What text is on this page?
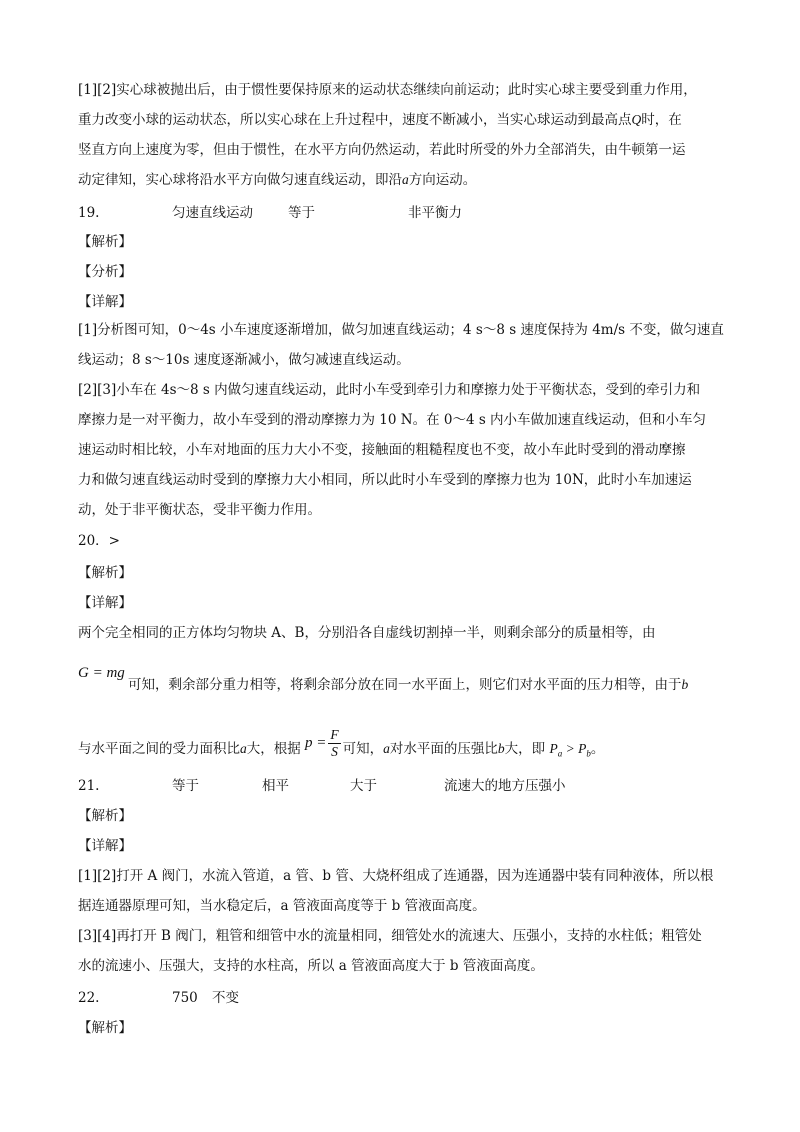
[1][2]实心球被抛出后，由于惯性要保持原来的运动状态继续向前运动；此时实心球主要受到重力作用，
重力改变小球的运动状态，所以实心球在上升过程中，速度不断减小，当实心球运动到最高点Q时，在
竖直方向上速度为零，但由于惯性，在水平方向仍然运动，若此时所受的外力全部消失，由牛顿第一运
动定律知，实心球将沿水平方向做匀速直线运动，即沿a方向运动。
19.	匀速直线运动	等于	非平衡力
【解析】
【分析】
【详解】
[1]分析图可知，0～4s 小车速度逐渐增加，做匀加速直线运动；4 s～8 s 速度保持为 4m/s 不变，做匀速直
线运动；8 s～10s 速度逐渐减小，做匀减速直线运动。
[2][3]小车在 4s～8 s 内做匀速直线运动，此时小车受到牵引力和摩擦力处于平衡状态，受到的牵引力和
摩擦力是一对平衡力，故小车受到的滑动摩擦力为 10 N。在 0～4 s 内小车做加速直线运动，但和小车匀
速运动时相比较，小车对地面的压力大小不变，接触面的粗糙程度也不变，故小车此时受到的滑动摩擦
力和做匀速直线运动时受到的摩擦力大小相同，所以此时小车受到的摩擦力也为 10N，此时小车加速运
动，处于非平衡状态，受非平衡力作用。
20．>
【解析】
【详解】
两个完全相同的正方体均匀物块 A、B，分别沿各自虚线切割掉一半，则剩余部分的质量相等，由
G = mg
可知，剩余部分重力相等，将剩余部分放在同一水平面上，则它们对水平面的压力相等，由于b
与水平面之间的受力面积比a大，根据 $p = \frac{F}{S}$ 可知，a对水平面的压强比b大，即 $P_a > P_b$。
21.	等于	相平	大于	流速大的地方压强小
【解析】
【详解】
[1][2]打开 A 阀门，水流入管道，a 管、b 管、大烧杯组成了连通器，因为连通器中装有同种液体，所以根
据连通器原理可知，当水稳定后，a 管液面高度等于 b 管液面高度。
[3][4]再打开 B 阀门，粗管和细管中水的流量相同，细管处水的流速大、压强小，支持的水柱低；粗管处
水的流速小、压强大，支持的水柱高，所以 a 管液面高度大于 b 管液面高度。
22.	750 不变
【解析】
